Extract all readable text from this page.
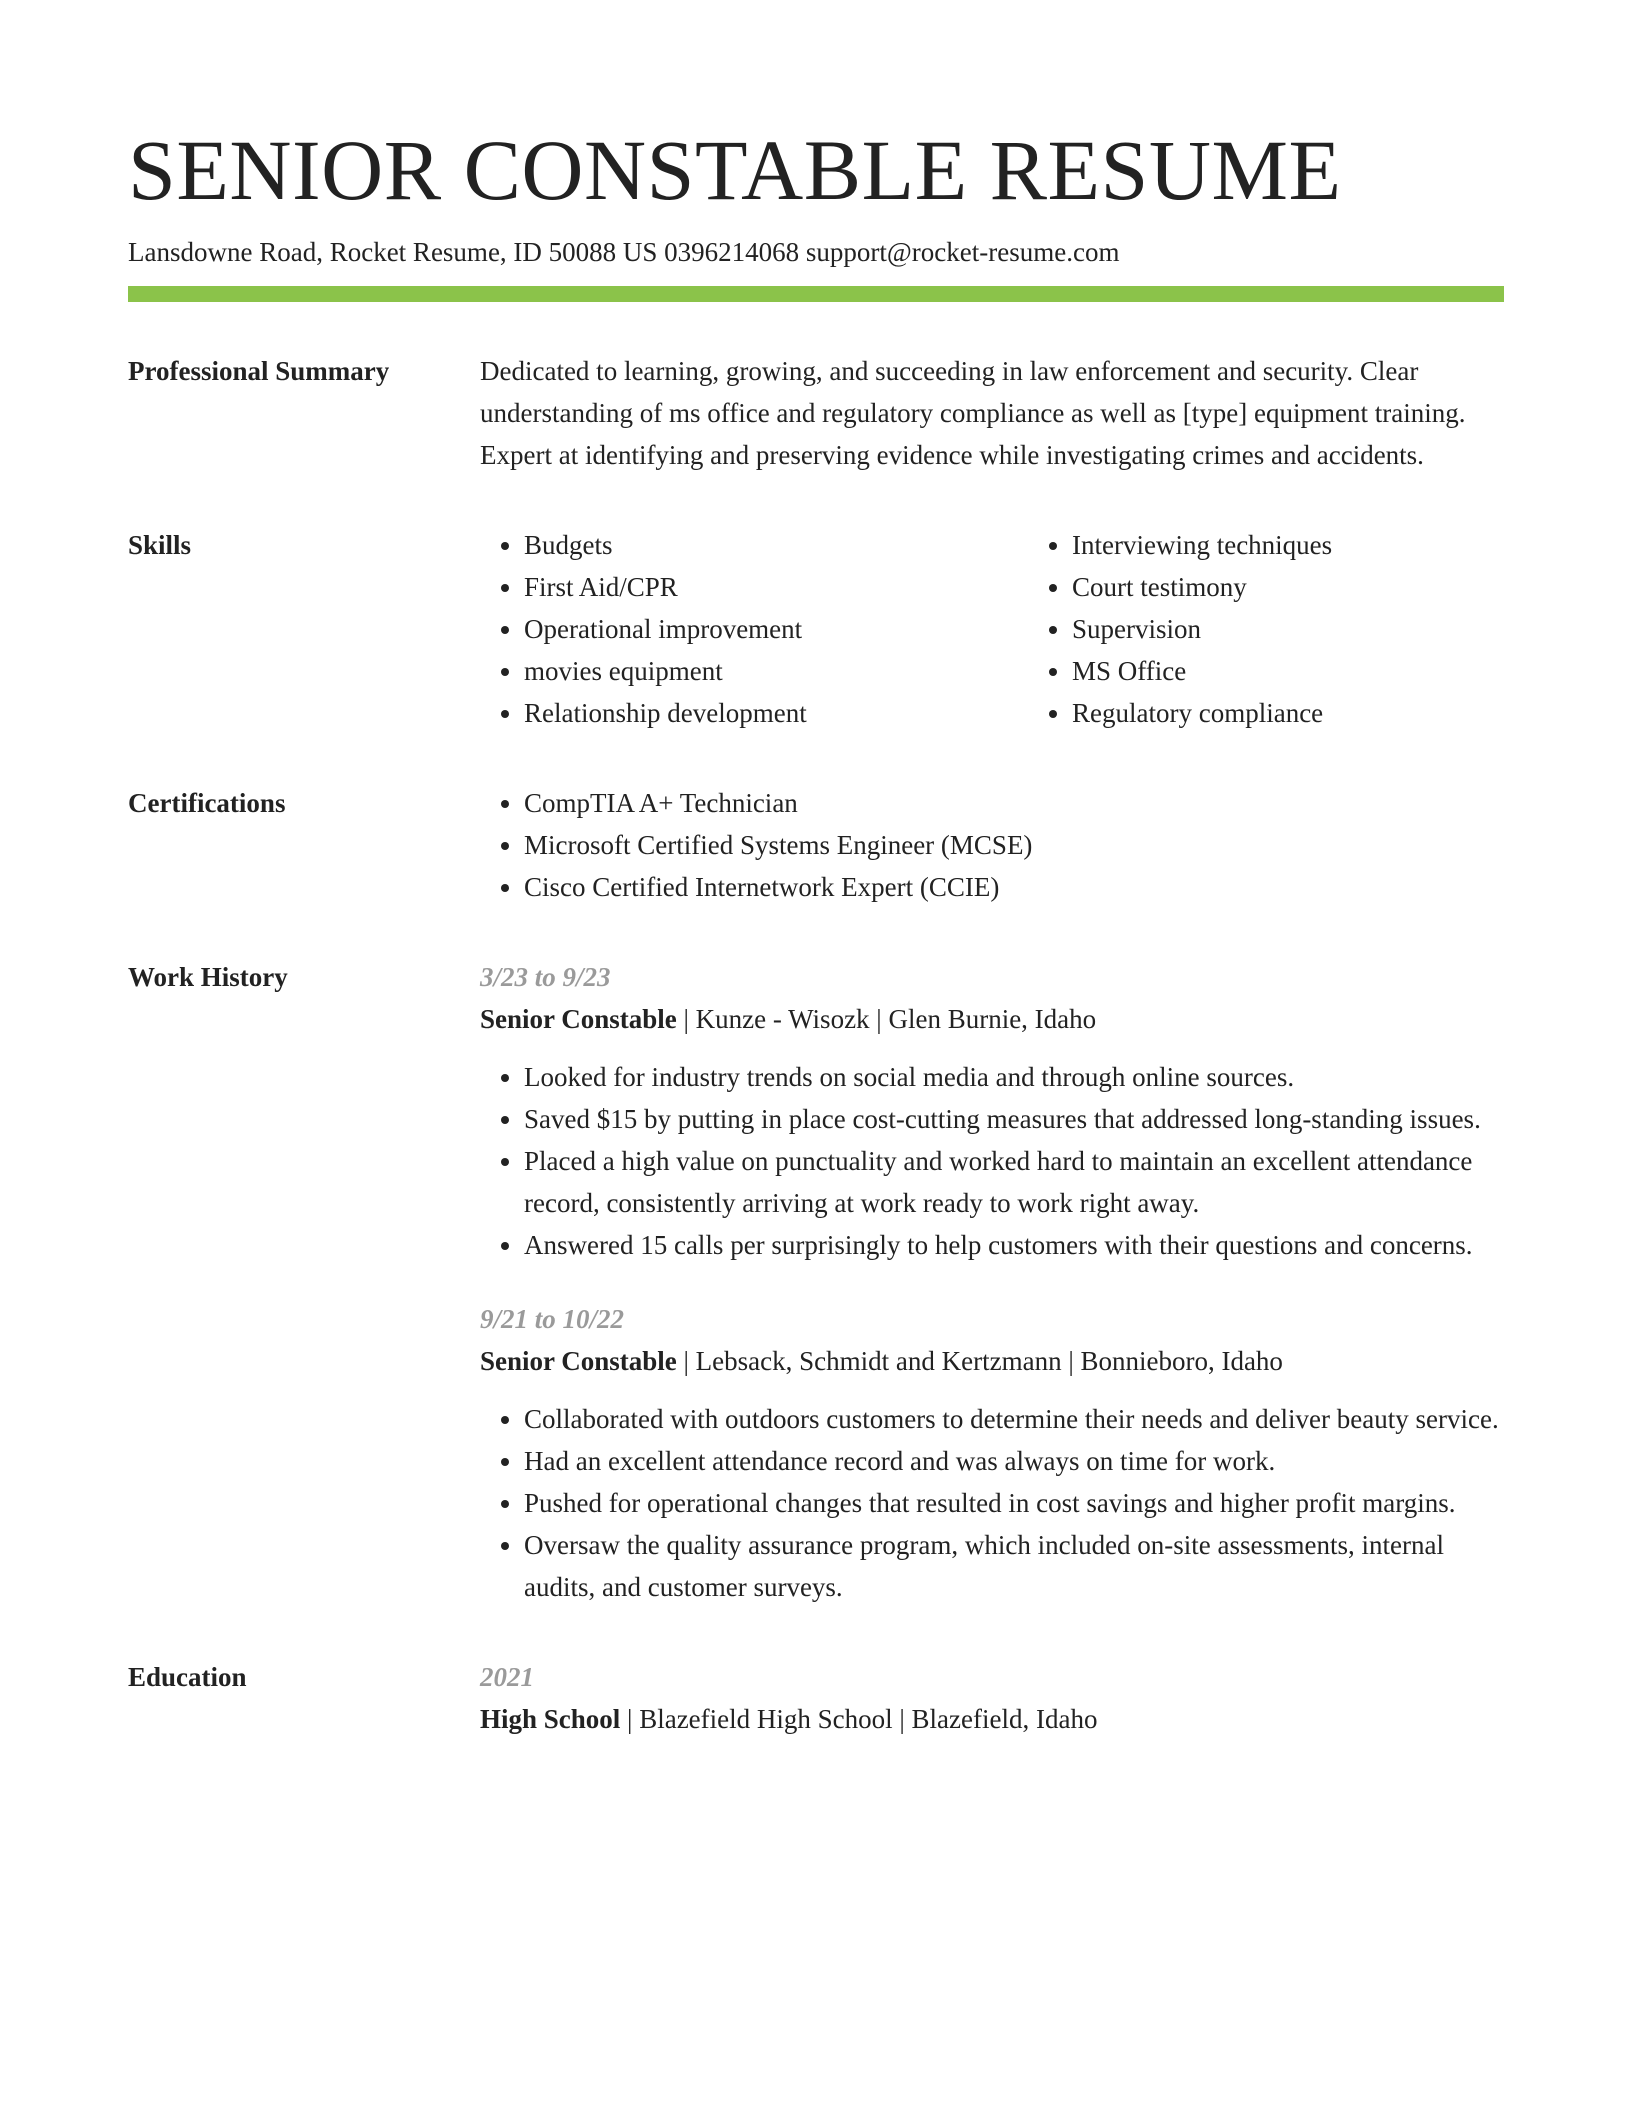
SENIOR CONSTABLE RESUME
Lansdowne Road, Rocket Resume, ID 50088 US 0396214068 support@rocket-resume.com
Professional Summary	Dedicated to learning, growing, and succeeding in law enforcement and security. Clear understanding of ms office and regulatory compliance as well as [type] equipment training. Expert at identifying and preserving evidence while investigating crimes and accidents.

Skills	• Budgets
• First Aid/CPR
• Operational improvement
• movies equipment
• Relationship development
• Interviewing techniques
• Court testimony
• Supervision
• MS Office
• Regulatory compliance
Certifications	• CompTIA A+ Technician
• Microsoft Certified Systems Engineer (MCSE)
• Cisco Certified Internetwork Expert (CCIE)
Work History	3/23 to 9/23
Senior Constable | Kunze - Wisozk | Glen Burnie, Idaho
• Looked for industry trends on social media and through online sources.
• Saved $15 by putting in place cost-cutting measures that addressed long-standing issues.
• Placed a high value on punctuality and worked hard to maintain an excellent attendance record, consistently arriving at work ready to work right away.
• Answered 15 calls per surprisingly to help customers with their questions and concerns.
9/21 to 10/22
Senior Constable | Lebsack, Schmidt and Kertzmann | Bonnieboro, Idaho
• Collaborated with outdoors customers to determine their needs and deliver beauty service.
• Had an excellent attendance record and was always on time for work.
• Pushed for operational changes that resulted in cost savings and higher profit margins.
• Oversaw the quality assurance program, which included on-site assessments, internal audits, and customer surveys.
Education	2021
High School | Blazefield High School | Blazefield, Idaho
